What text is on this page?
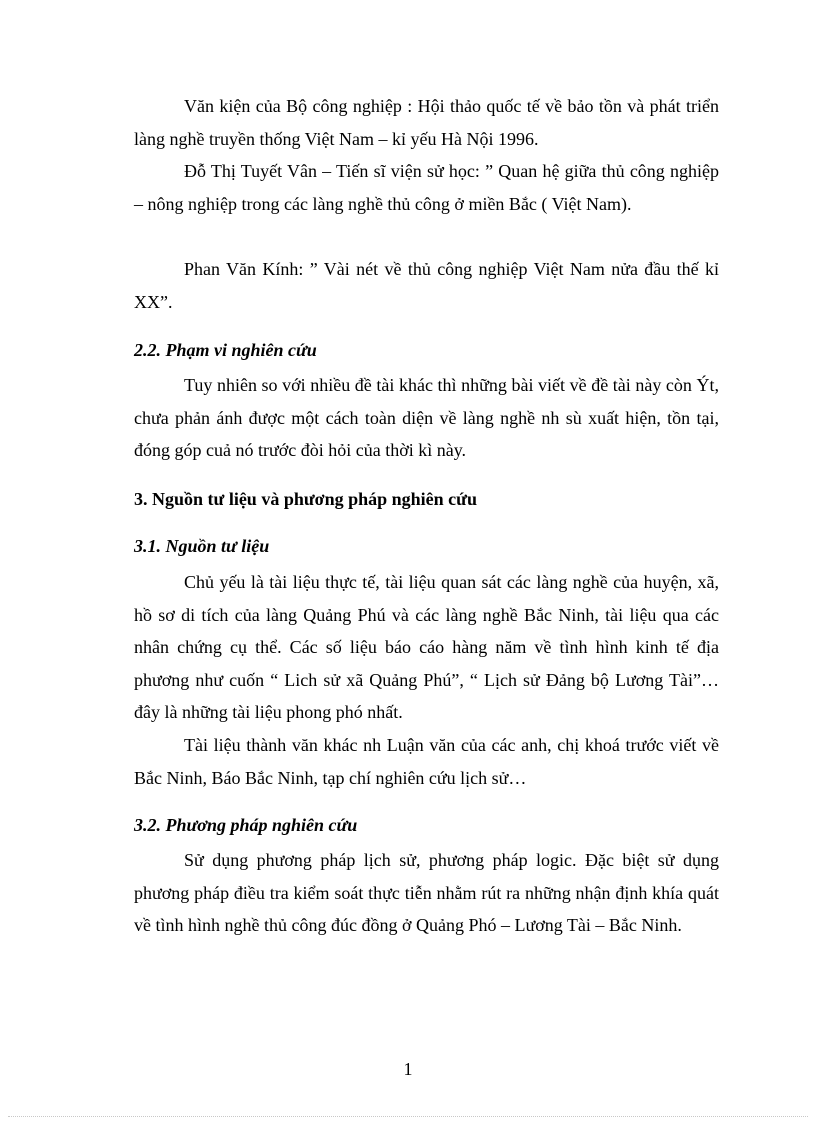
Văn kiện của Bộ công nghiệp : Hội thảo quốc tế về bảo tồn và phát triển làng nghề truyền thống Việt Nam – kỉ yếu Hà Nội 1996.

Đỗ Thị Tuyết Vân – Tiến sĩ viện sử học: ” Quan hệ giữa thủ công nghiệp – nông nghiệp trong các làng nghề thủ công ở miền Bắc ( Việt Nam).

Phan Văn Kính: ” Vài nét về thủ công nghiệp Việt Nam nửa đầu thế kỉ XX”.

2.2. Phạm vi nghiên cứu

Tuy nhiên so với nhiều đề tài khác thì những bài viết về đề tài này còn Ýt, chưa phản ánh được một cách toàn diện về làng nghề nh sù xuất hiện, tồn tại, đóng góp cuả nó trước đòi hỏi của thời kì này.

3. Nguồn tư liệu và phương pháp nghiên cứu
3.1. Nguồn tư liệu

Chủ yếu là tài liệu thực tế, tài liệu quan sát các làng nghề của huyện, xã, hồ sơ di tích của làng Quảng Phú và các làng nghề Bắc Ninh, tài liệu qua các nhân chứng cụ thể. Các số liệu báo cáo hàng năm về tình hình kinh tế địa phương như cuốn “ Lich sử xã Quảng Phú”, “ Lịch sử Đảng bộ Lương Tài”… đây là những tài liệu phong phó nhất.

Tài liệu thành văn khác nh Luận văn của các anh, chị khoá trước viết về Bắc Ninh, Báo Bắc Ninh, tạp chí nghiên cứu lịch sử…

3.2. Phương pháp nghiên cứu

Sử dụng phương pháp lịch sử, phương pháp logic. Đặc biệt sử dụng phương pháp điều tra kiểm soát thực tiễn nhằm rút ra những nhận định khía quát về tình hình nghề thủ công đúc đồng ở Quảng Phó – Lương Tài – Bắc Ninh.

1
